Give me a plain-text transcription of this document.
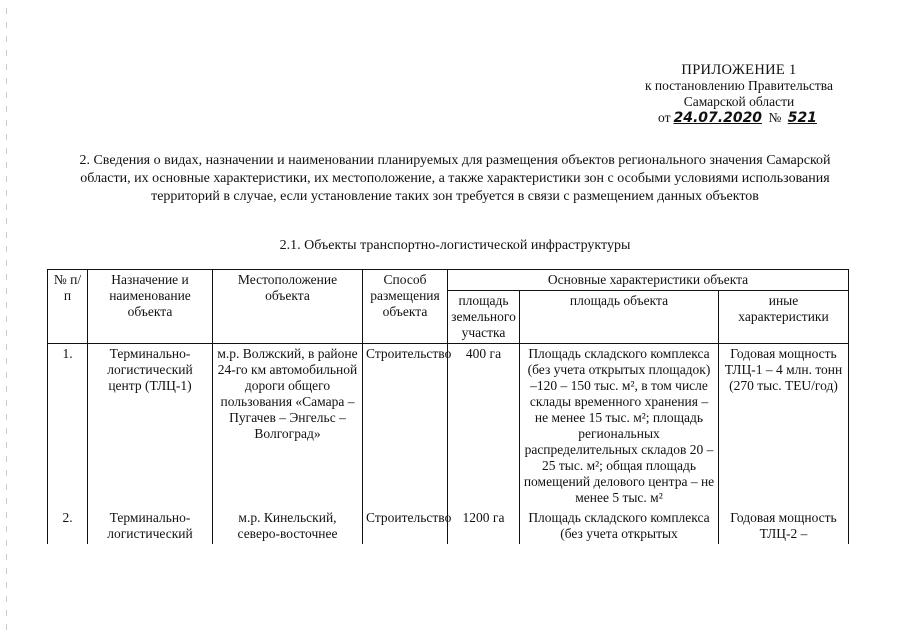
ПРИЛОЖЕНИЕ 1
к постановлению Правительства
Самарской области
от 24.07.2020 № 521
2. Сведения о видах, назначении и наименовании планируемых для размещения объектов регионального значения Самарской области, их основные характеристики, их местоположение, а также характеристики зон с особыми условиями использования территорий в случае, если установление таких зон требуется в связи с размещением данных объектов
2.1. Объекты транспортно-логистической инфраструктуры
№ п/п	Назначение и наименование объекта	Местоположение объекта	Способ размещения объекта	Основные характеристики объекта		
				площадь земельного участка	площадь объекта	иные характеристики
1.	Терминально-логистический центр (ТЛЦ-1)	м.р. Волжский, в районе 24-го км автомобильной дороги общего пользования «Самара – Пугачев – Энгельс – Волгоград»	Строительство	400 га	Площадь складского комплекса (без учета открытых площадок) –120 – 150 тыс. м², в том числе склады временного хранения – не менее 15 тыс. м²; площадь региональных распределительных складов 20 – 25 тыс. м²; общая площадь помещений делового центра – не менее 5 тыс. м²	Годовая мощность ТЛЦ-1 – 4 млн. тонн (270 тыс. TEU/год)
2.	Терминально-логистический	м.р. Кинельский, северо-восточнее	Строительство	1200 га	Площадь складского комплекса (без учета открытых	Годовая мощность ТЛЦ-2 –
